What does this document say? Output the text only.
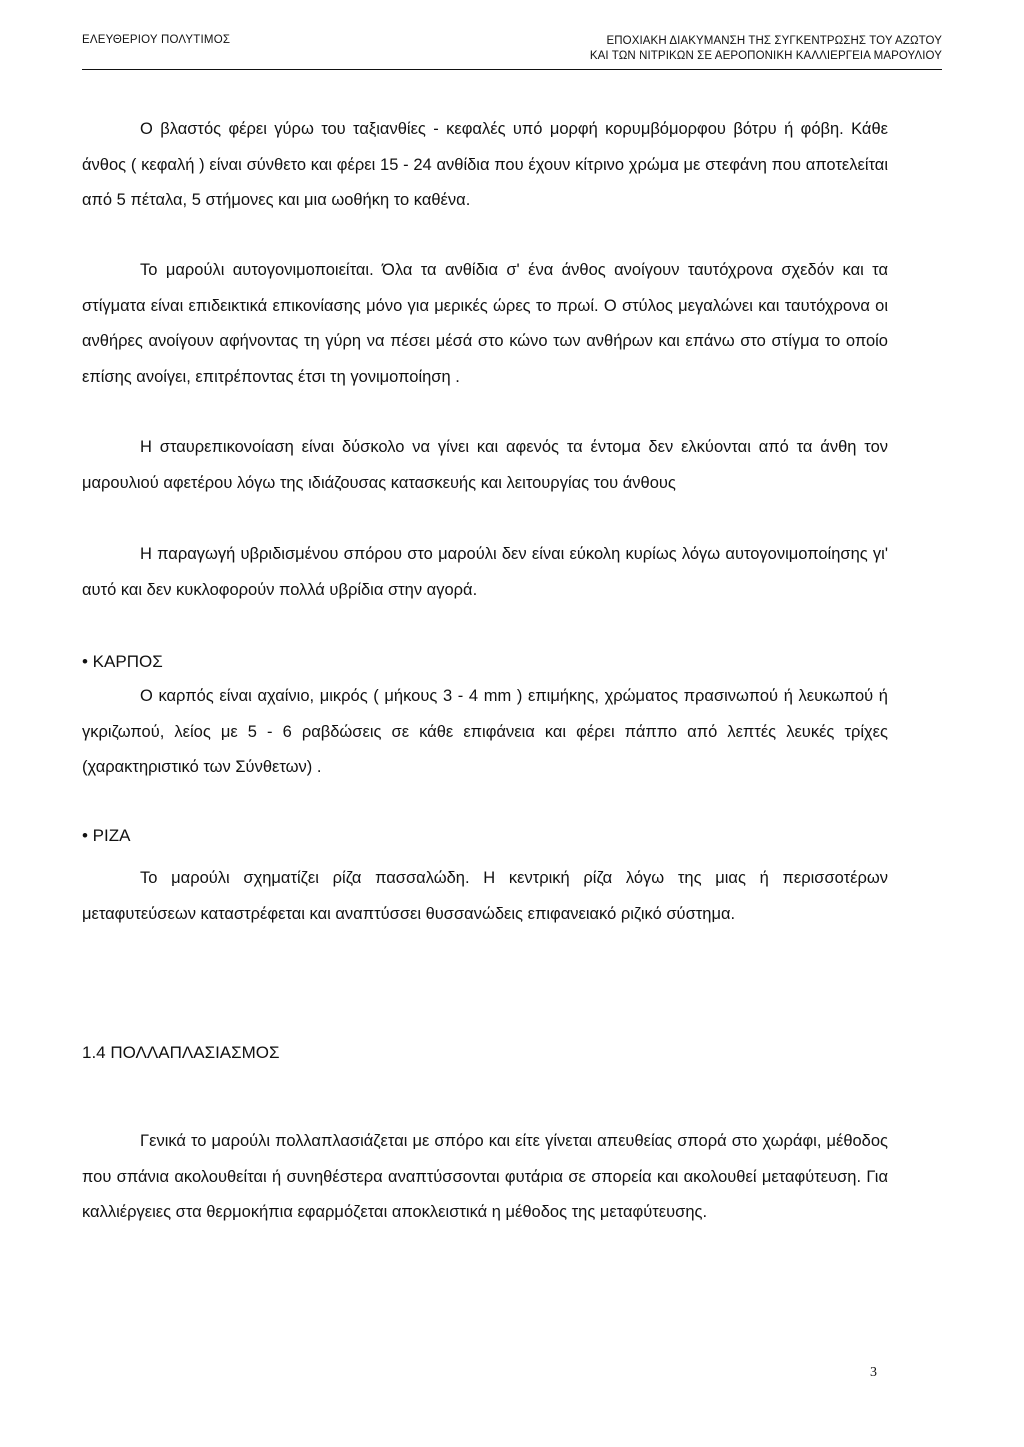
ΕΛΕΥΘΕΡΙΟΥ ΠΟΛΥΤΙΜΟΣ	ΕΠΟΧΙΑΚΗ ΔΙΑΚΥΜΑΝΣΗ ΤΗΣ ΣΥΓΚΕΝΤΡΩΣΗΣ ΤΟΥ ΑΖΩΤΟΥ
ΚΑΙ ΤΩΝ ΝΙΤΡΙΚΩΝ ΣΕ ΑΕΡΟΠΟΝΙΚΗ ΚΑΛΛΙΕΡΓΕΙΑ ΜΑΡΟΥΛΙΟΥ

Ο βλαστός φέρει γύρω του ταξιανθίες - κεφαλές υπό μορφή κορυμβόμορφου βότρυ ή φόβη. Κάθε άνθος ( κεφαλή ) είναι σύνθετο και φέρει 15 - 24 ανθίδια που έχουν κίτρινο χρώμα με στεφάνη που αποτελείται από 5 πέταλα, 5 στήμονες και μια ωοθήκη το καθένα.

Το μαρούλι αυτογονιμοποιείται. Όλα τα ανθίδια σ' ένα άνθος ανοίγουν ταυτόχρονα σχεδόν και τα στίγματα είναι επιδεικτικά επικονίασης μόνο για μερικές ώρες το πρωί. Ο στύλος μεγαλώνει και ταυτόχρονα οι ανθήρες ανοίγουν αφήνοντας τη γύρη να πέσει μέσά στο κώνο των ανθήρων και επάνω στο στίγμα το οποίο επίσης ανοίγει, επιτρέποντας έτσι τη γονιμοποίηση .

Η σταυρεπικονοίαση είναι δύσκολο να γίνει και αφενός τα έντομα δεν ελκύονται από τα άνθη τον μαρουλιού αφετέρου λόγω της ιδιάζουσας κατασκευής και λειτουργίας του άνθους

Η παραγωγή υβριδισμένου σπόρου στο μαρούλι δεν είναι εύκολη κυρίως λόγω αυτογονιμοποίησης γι' αυτό και δεν κυκλοφορούν πολλά υβρίδια στην αγορά.

• ΚΑΡΠΟΣ

Ο καρπός είναι αχαίνιο, μικρός ( μήκους 3 - 4 mm ) επιμήκης, χρώματος πρασινωπού ή λευκωπού ή γκριζωπού, λείος με 5 - 6 ραβδώσεις σε κάθε επιφάνεια και φέρει πάππο από λεπτές λευκές τρίχες (χαρακτηριστικό των Σύνθετων) .

• ΡΙΖΑ

Το μαρούλι σχηματίζει ρίζα πασσαλώδη. Η κεντρική ρίζα λόγω της μιας ή περισσοτέρων μεταφυτεύσεων καταστρέφεται και αναπτύσσει θυσσανώδεις επιφανειακό ριζικό σύστημα.

1.4 ΠΟΛΛΑΠΛΑΣΙΑΣΜΟΣ

Γενικά το μαρούλι πολλαπλασιάζεται με σπόρο και είτε γίνεται απευθείας σπορά στο χωράφι, μέθοδος που σπάνια ακολουθείται ή συνηθέστερα αναπτύσσονται φυτάρια σε σπορεία και ακολουθεί μεταφύτευση. Για καλλιέργειες στα θερμοκήπια εφαρμόζεται αποκλειστικά η μέθοδος της μεταφύτευσης.

3
